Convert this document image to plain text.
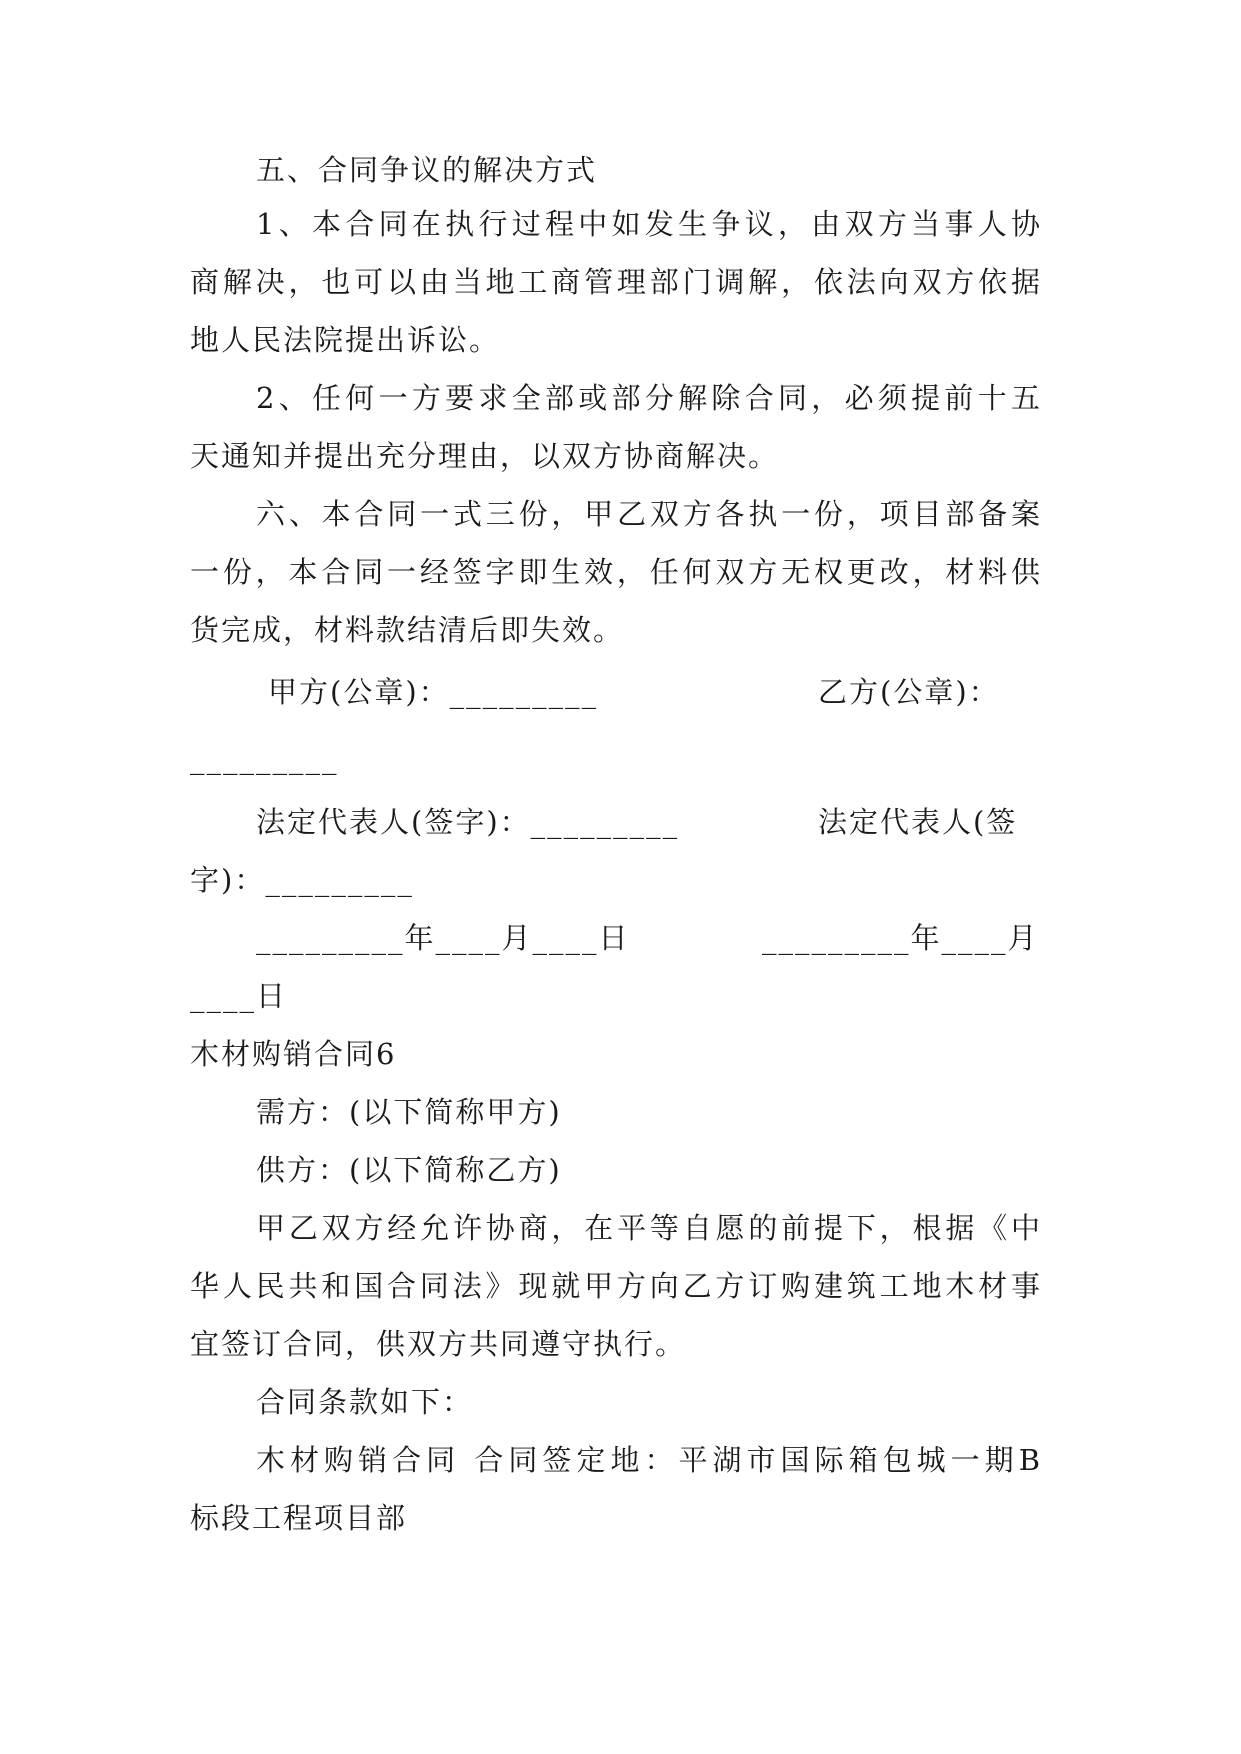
五、合同争议的解决方式
1、本合同在执行过程中如发生争议，由双方当事人协
商解决，也可以由当地工商管理部门调解，依法向双方依据
地人民法院提出诉讼。
2、任何一方要求全部或部分解除合同，必须提前十五
天通知并提出充分理由，以双方协商解决。
六、本合同一式三份，甲乙双方各执一份，项目部备案
一份，本合同一经签字即生效，任何双方无权更改，材料供
货完成，材料款结清后即失效。
甲方(公章)：_________	乙方(公章)：
_________
法定代表人(签字)：_________	法定代表人(签
字)：_________
_________年____月____日	_________年____月
____日
木材购销合同6
需方：(以下简称甲方)
供方：(以下简称乙方)
甲乙双方经允许协商，在平等自愿的前提下，根据《中
华人民共和国合同法》现就甲方向乙方订购建筑工地木材事
宜签订合同，供双方共同遵守执行。
合同条款如下：
木材购销合同 合同签定地：平湖市国际箱包城一期B
标段工程项目部
